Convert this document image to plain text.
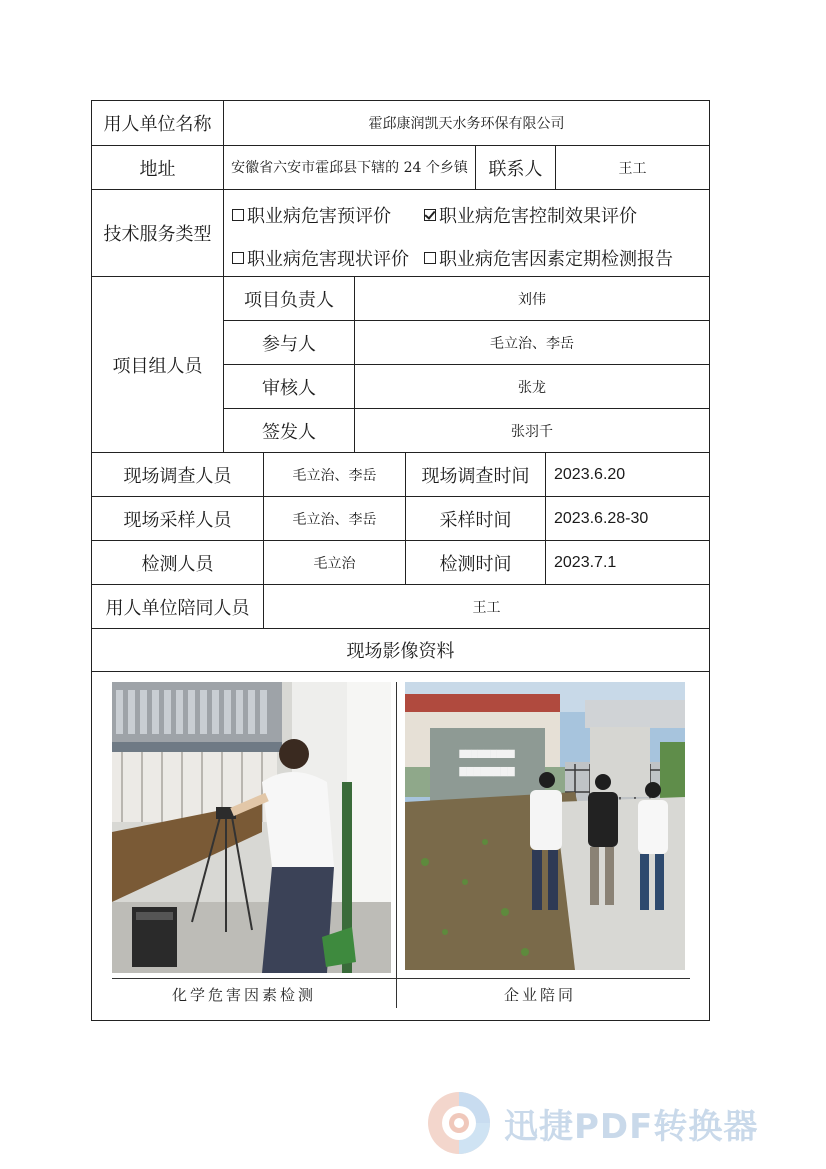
用人单位名称	霍邱康润凯天水务环保有限公司
地址	安徽省六安市霍邱县下辖的 24 个乡镇	联系人	王工
技术服务类型
职业病危害预评价	职业病危害控制效果评价
职业病危害现状评价 职业病危害因素定期检测报告
项目组人员
项目负责人	刘伟
参与人	毛立治、李岳
审核人	张龙
签发人	张羽千
现场调查人员	毛立治、李岳	现场调查时间	2023.6.20
现场采样人员	毛立治、李岳	采样时间	2023.6.28-30
检测人员	毛立治	检测时间	2023.7.1
用人单位陪同人员	王工
现场影像资料
▇▇▇▇▇▇▇▇▇
▇▇▇▇▇▇▇▇
化学危害因素检测	企业陪同
迅捷PDF转换器
